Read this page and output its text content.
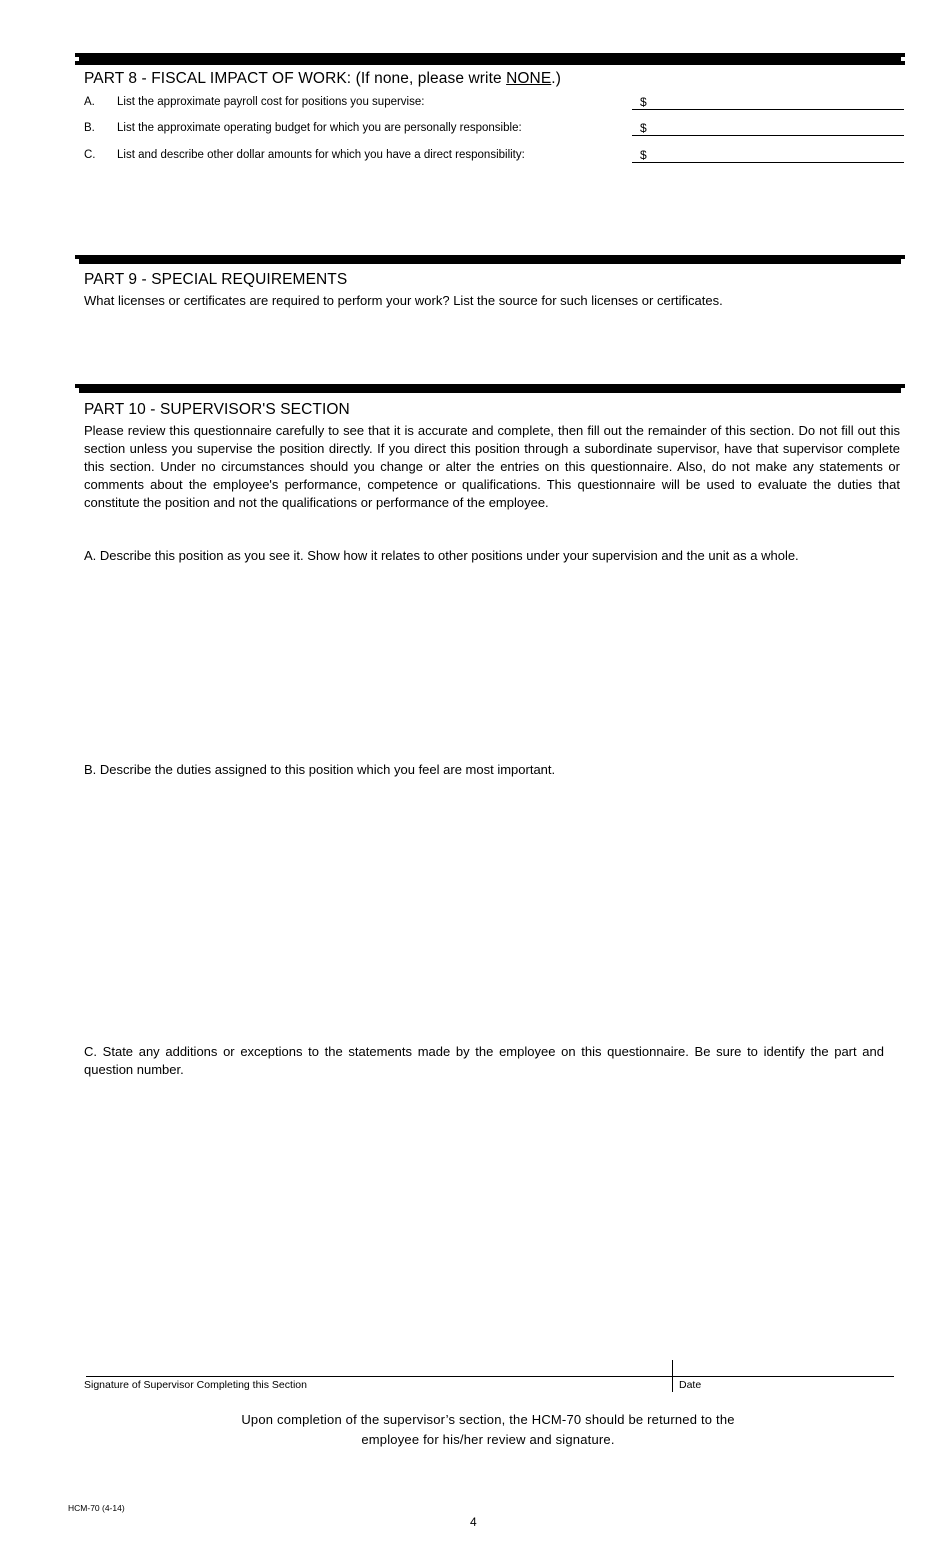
PART 8 - FISCAL IMPACT OF WORK: (If none, please write NONE.)
A. List the approximate payroll cost for positions you supervise:	$
B. List the approximate operating budget for which you are personally responsible:	$
C. List and describe other dollar amounts for which you have a direct responsibility:	$
PART 9 - SPECIAL REQUIREMENTS
What licenses or certificates are required to perform your work? List the source for such licenses or certificates.
PART 10 - SUPERVISOR'S SECTION
Please review this questionnaire carefully to see that it is accurate and complete, then fill out the remainder of this section. Do not fill out this section unless you supervise the position directly. If you direct this position through a subordinate supervisor, have that supervisor complete this section. Under no circumstances should you change or alter the entries on this questionnaire. Also, do not make any statements or comments about the employee's performance, competence or qualifications. This questionnaire will be used to evaluate the duties that constitute the position and not the qualifications or performance of the employee.
A. Describe this position as you see it. Show how it relates to other positions under your supervision and the unit as a whole.
B. Describe the duties assigned to this position which you feel are most important.
C. State any additions or exceptions to the statements made by the employee on this questionnaire. Be sure to identify the part and question number.
Signature of Supervisor Completing this Section	Date
Upon completion of the supervisor’s section, the HCM-70 should be returned to the
employee for his/her review and signature.
HCM-70 (4-14)
4
